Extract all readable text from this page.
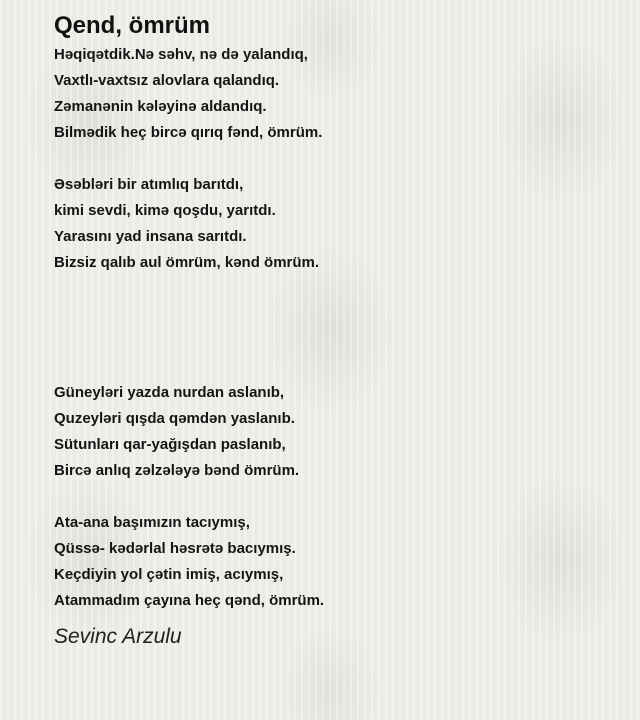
Qend, ömrüm
Həqiqətdik.Nə səhv, nə də yalandıq,
Vaxtlı-vaxtsız alovlara qalandıq.
Zəmanənin kələyinə aldandıq.
Bilmədik heç bircə qırıq fənd, ömrüm.
Əsəbləri bir atımlıq barıtdı,
kimi sevdi, kimə qoşdu, yarıtdı.
Yarasını yad insana sarıtdı.
Bizsiz qalıb aul ömrüm, kənd ömrüm.
Güneyləri yazda nurdan aslanıb,
Quzeyləri qışda qəmdən yaslanıb.
Sütunları qar-yağışdan paslanıb,
Bircə anlıq zəlzələyə bənd ömrüm.
Ata-ana başımızın tacıymış,
Qüssə- kədərlal həsrətə bacıymış.
Keçdiyin yol çətin imiş, acıymış,
Atammadım çayına heç qənd, ömrüm.
Sevinc Arzulu
